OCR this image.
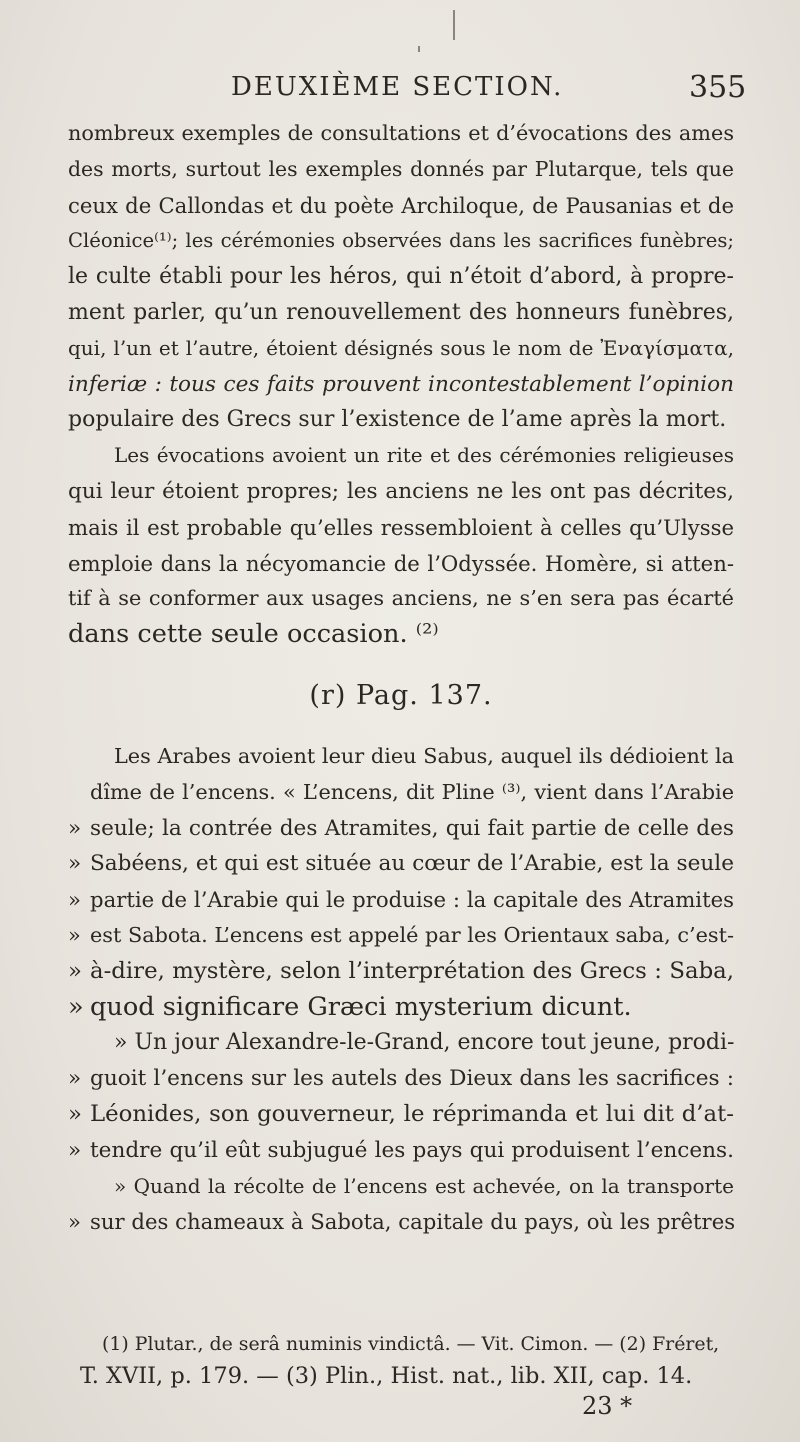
DEUXIÈME SECTION.	355
nombreux exemples de consultations et d’évocations des ames
des morts, surtout les exemples donnés par Plutarque, tels que
ceux de Callondas et du poète Archiloque, de Pausanias et de
Cléonice⁽¹⁾; les cérémonies observées dans les sacrifices funèbres;
le culte établi pour les héros, qui n’étoit d’abord, à propre-
ment parler, qu’un renouvellement des honneurs funèbres,
qui, l’un et l’autre, étoient désignés sous le nom de Ἐναγίσματα,
inferiæ : tous ces faits prouvent incontestablement l’opinion
populaire des Grecs sur l’existence de l’ame après la mort.
Les évocations avoient un rite et des cérémonies religieuses
qui leur étoient propres; les anciens ne les ont pas décrites,
mais il est probable qu’elles ressembloient à celles qu’Ulysse
emploie dans la nécyomancie de l’Odyssée. Homère, si atten-
tif à se conformer aux usages anciens, ne s’en sera pas écarté
dans cette seule occasion. ⁽²⁾
(r) Pag. 137.
Les Arabes avoient leur dieu Sabus, auquel ils dédioient la
dîme de l’encens. « L’encens, dit Pline ⁽³⁾, vient dans l’Arabie
» seule; la contrée des Atramites, qui fait partie de celle des
» Sabéens, et qui est située au cœur de l’Arabie, est la seule
» partie de l’Arabie qui le produise : la capitale des Atramites
» est Sabota. L’encens est appelé par les Orientaux saba, c’est-
» à-dire, mystère, selon l’interprétation des Grecs : Saba,
» quod significare Græci mysterium dicunt.
» Un jour Alexandre-le-Grand, encore tout jeune, prodi-
» guoit l’encens sur les autels des Dieux dans les sacrifices :
» Léonides, son gouverneur, le réprimanda et lui dit d’at-
» tendre qu’il eût subjugué les pays qui produisent l’encens.
» Quand la récolte de l’encens est achevée, on la transporte
» sur des chameaux à Sabota, capitale du pays, où les prêtres
(1) Plutar., de serâ numinis vindictâ. — Vit. Cimon. — (2) Fréret,
T. XVII, p. 179. — (3) Plin., Hist. nat., lib. XII, cap. 14.
23 *
